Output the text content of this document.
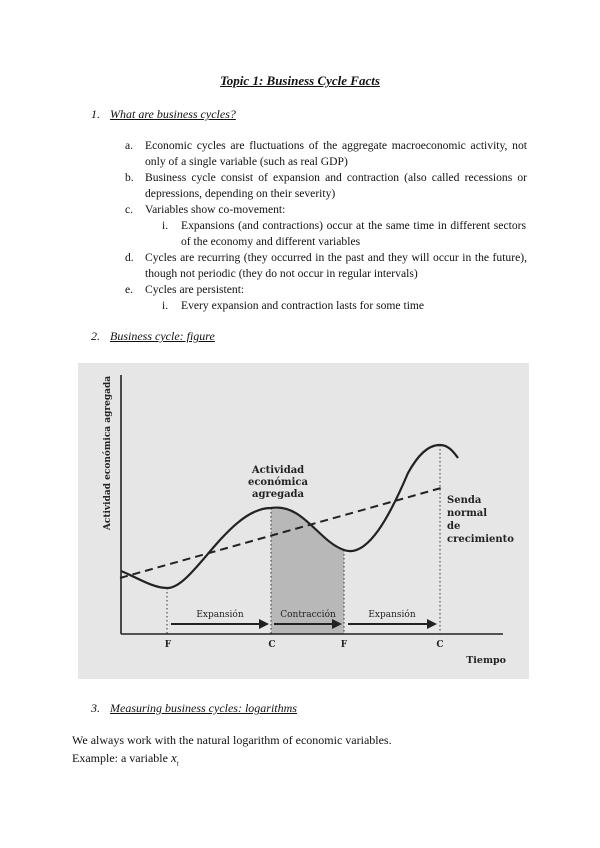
Topic 1: Business Cycle Facts
1. What are business cycles?
a. Economic cycles are fluctuations of the aggregate macroeconomic activity, not only of a single variable (such as real GDP)
b. Business cycle consist of expansion and contraction (also called recessions or depressions, depending on their severity)
c. Variables show co-movement:
i. Expansions (and contractions) occur at the same time in different sectors of the economy and different variables
d. Cycles are recurring (they occurred in the past and they will occur in the future), though not periodic (they do not occur in regular intervals)
e. Cycles are persistent:
i. Every expansion and contraction lasts for some time
2. Business cycle: figure
Expansión	Contracción	Expansión
F	C	F	C
Tiempo
Actividad económica agregada	Actividad
económica
agregada
Senda
normal
de
crecimiento
3. Measuring business cycles: logarithms
We always work with the natural logarithm of economic variables.
Example: a variable $x_t$
